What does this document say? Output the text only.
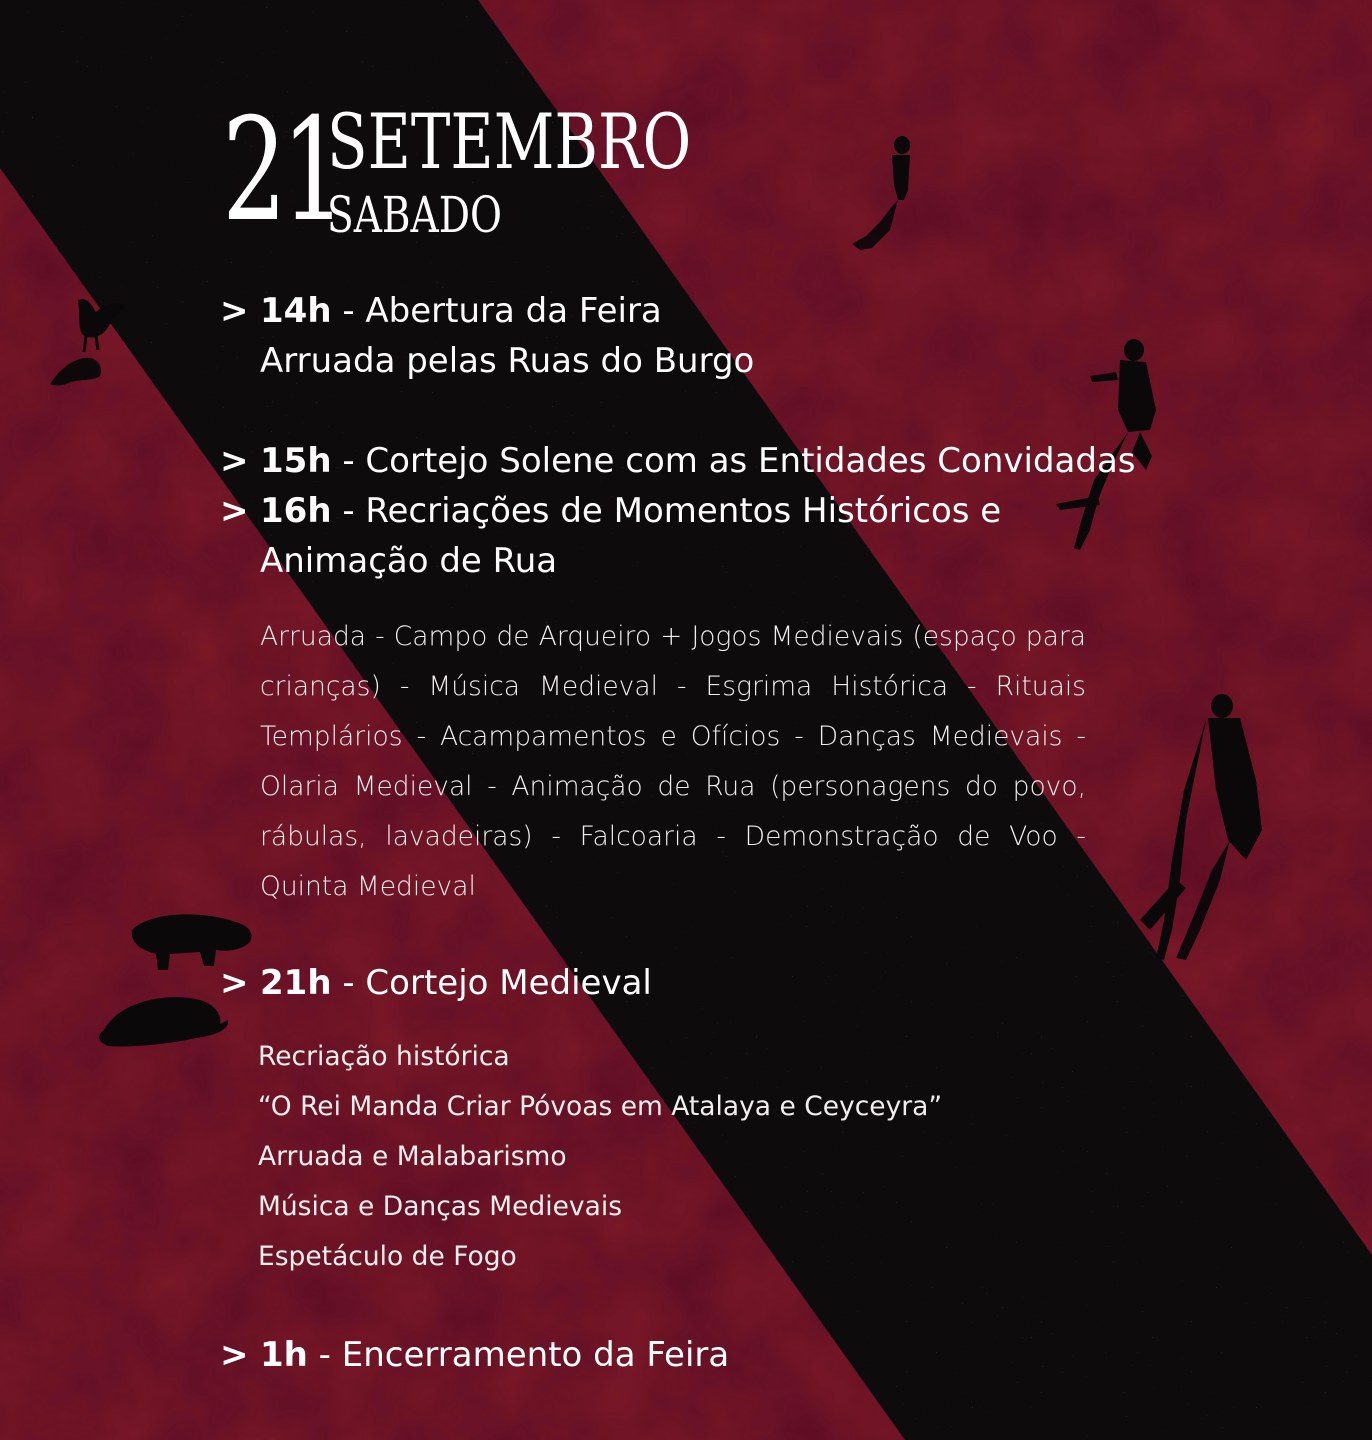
21
SETEMBRO
SABADO
> 14h - Abertura da Feira
Arruada pelas Ruas do Burgo
> 15h - Cortejo Solene com as Entidades Convidadas
> 16h - Recriações de Momentos Históricos e
Animação de Rua
Arruada - Campo de Arqueiro + Jogos Medievais (espaço para crianças) - Música Medieval - Esgrima Histórica - Rituais Templários - Acampamentos e Ofícios - Danças Medievais - Olaria Medieval - Animação de Rua (personagens do povo, rábulas, lavadeiras) - Falcoaria - Demonstração de Voo - Quinta Medieval
> 21h - Cortejo Medieval
Recriação histórica
“O Rei Manda Criar Póvoas em Atalaya e Ceyceyra”
Arruada e Malabarismo
Música e Danças Medievais
Espetáculo de Fogo
> 1h - Encerramento da Feira
